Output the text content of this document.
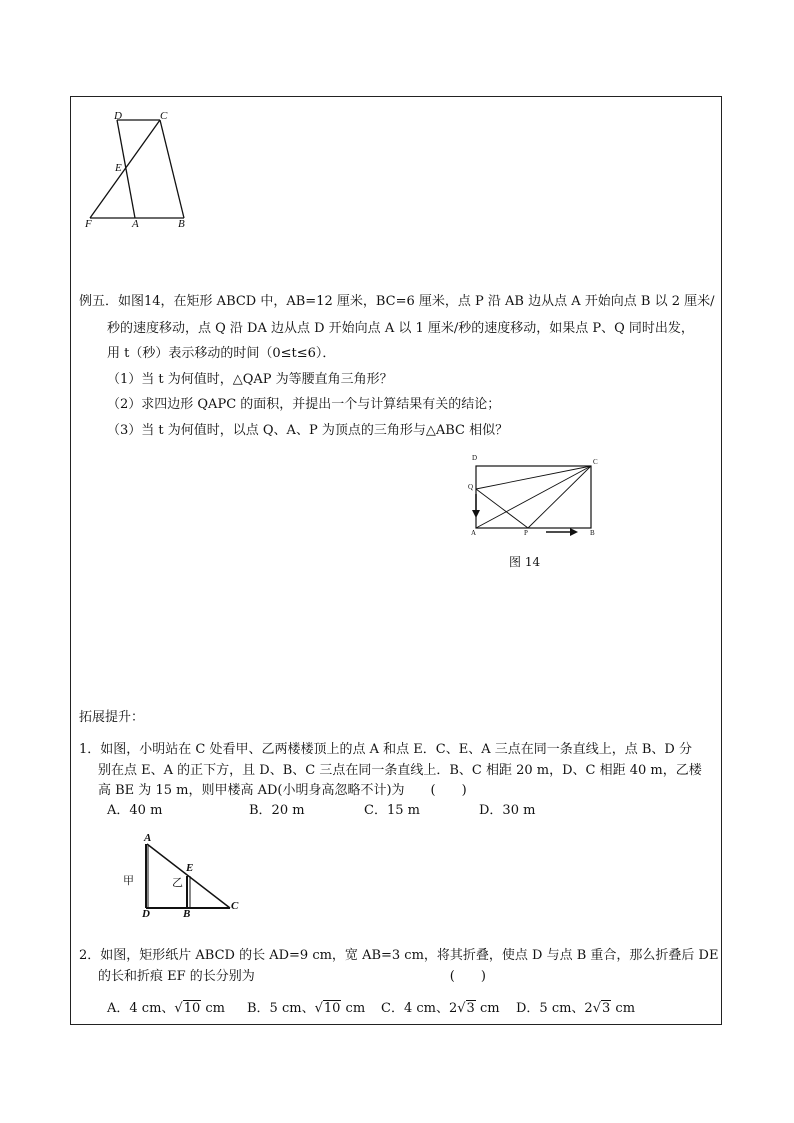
D	C
E
F	A	B
例五．如图14，在矩形 ABCD 中，AB=12 厘米，BC=6 厘米，点 P 沿 AB 边从点 A 开始向点 B 以 2 厘米/
秒的速度移动，点 Q 沿 DA 边从点 D 开始向点 A 以 1 厘米/秒的速度移动，如果点 P、Q 同时出发，
用 t（秒）表示移动的时间（0≤t≤6）．
（1）当 t 为何值时，△QAP 为等腰直角三角形？
（2）求四边形 QAPC 的面积，并提出一个与计算结果有关的结论；
（3）当 t 为何值时，以点 Q、A、P 为顶点的三角形与△ABC 相似？
D	C
Q
A	P	B
图 14
拓展提升：
1．如图，小明站在 C 处看甲、乙两楼楼顶上的点 A 和点 E．C、E、A 三点在同一条直线上，点 B、D 分
别在点 E、A 的正下方，且 D、B、C 三点在同一条直线上．B、C 相距 20 m，D、C 相距 40 m，乙楼
高 BE 为 15 m，则甲楼高 AD(小明身高忽略不计)为　　(　　)
A．40 m	B．20 m	C．15 m	D．30 m
A
E
甲	乙
D	B
C
2．如图，矩形纸片 ABCD 的长 AD=9 cm，宽 AB=3 cm，将其折叠，使点 D 与点 B 重合，那么折叠后 DE
的长和折痕 EF 的长分别为　　　　　　　　　　　　　　　(　　)
A．4 cm、√10 cm B．5 cm、√10 cm C．4 cm、2√3 cm D．5 cm、2√3 cm
